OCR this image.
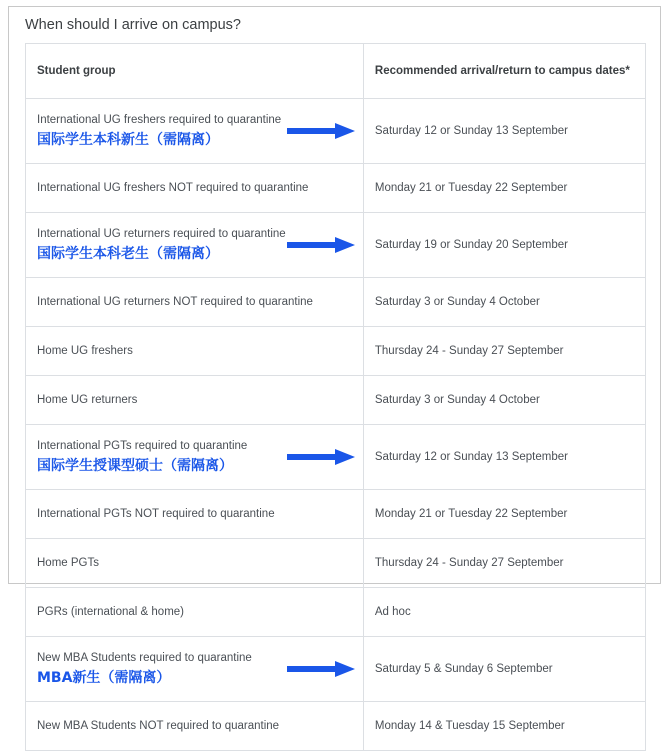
When should I arrive on campus?
Student group	Recommended arrival/return to campus dates*

International UG freshers required to quarantine
国际学生本科新生（需隔离）	Saturday 12 or Sunday 13 September

International UG freshers NOT required to quarantine	Monday 21 or Tuesday 22 September

International UG returners required to quarantine
国际学生本科老生（需隔离）	Saturday 19 or Sunday 20 September

International UG returners NOT required to quarantine	Saturday 3 or Sunday 4 October

Home UG freshers	Thursday 24 - Sunday 27 September

Home UG returners	Saturday 3 or Sunday 4 October

International PGTs required to quarantine
国际学生授课型硕士（需隔离）	Saturday 12 or Sunday 13 September

International PGTs NOT required to quarantine	Monday 21 or Tuesday 22 September

Home PGTs	Thursday 24 - Sunday 27 September

PGRs (international & home)	Ad hoc

New MBA Students required to quarantine
MBA新生（需隔离）	Saturday 5 & Sunday 6 September

New MBA Students NOT required to quarantine	Monday 14 & Tuesday 15 September
